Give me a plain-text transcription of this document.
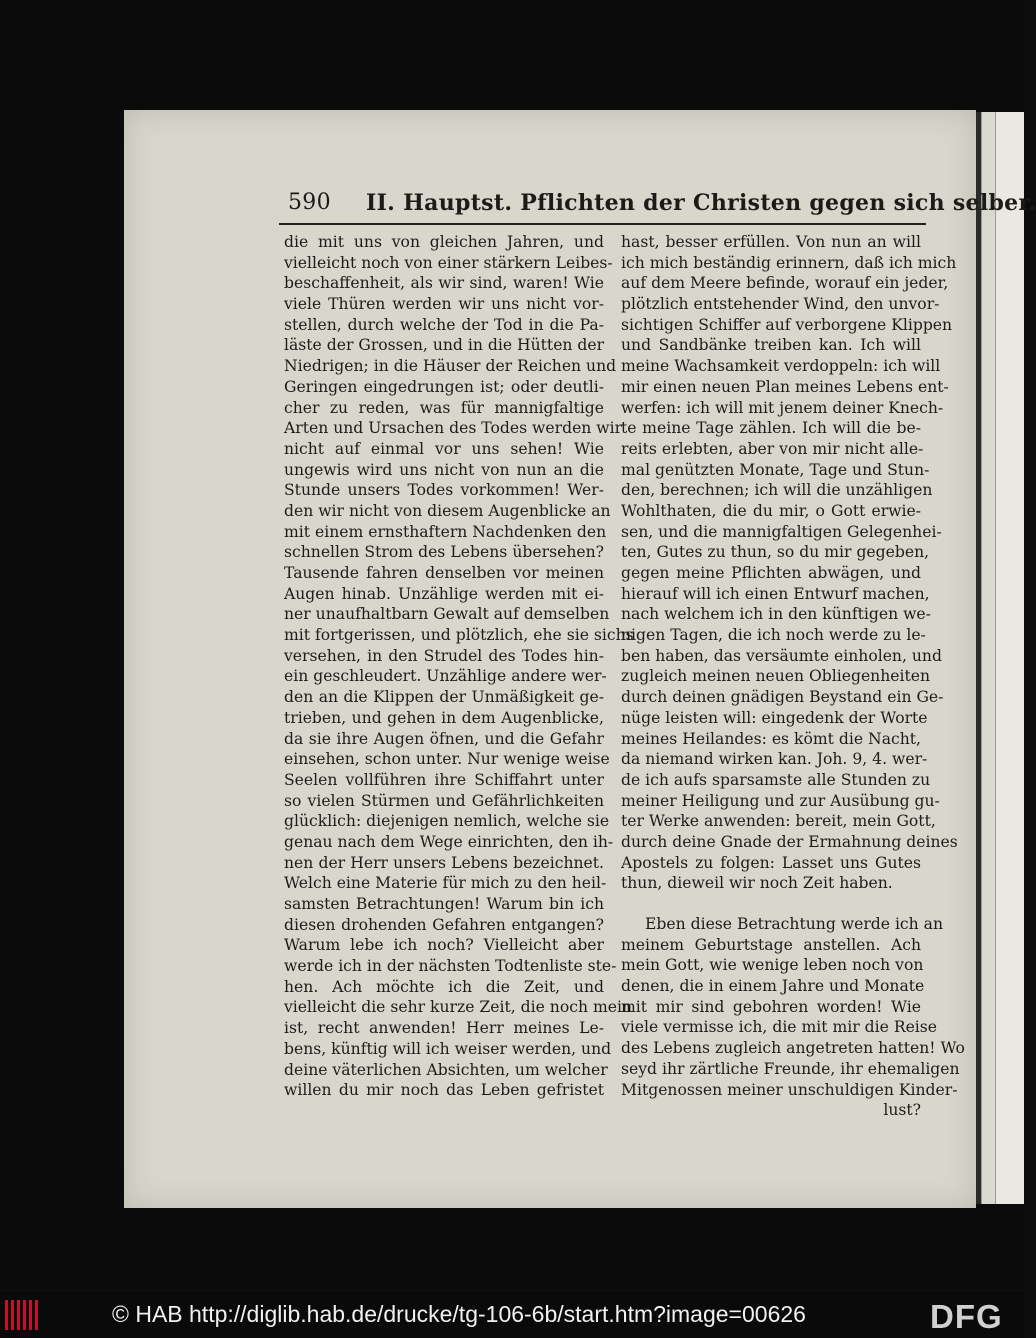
590 II. Hauptst. Pflichten der Christen gegen sich selber.
die mit uns von gleichen Jahren, und
vielleicht noch von einer stärkern Leibes-
beschaffenheit, als wir sind, waren! Wie
viele Thüren werden wir uns nicht vor-
stellen, durch welche der Tod in die Pa-
läste der Grossen, und in die Hütten der
Niedrigen; in die Häuser der Reichen und
Geringen eingedrungen ist; oder deutli-
cher zu reden, was für mannigfaltige
Arten und Ursachen des Todes werden wir
nicht auf einmal vor uns sehen! Wie
ungewis wird uns nicht von nun an die
Stunde unsers Todes vorkommen! Wer-
den wir nicht von diesem Augenblicke an
mit einem ernsthaftern Nachdenken den
schnellen Strom des Lebens übersehen?
Tausende fahren denselben vor meinen
Augen hinab. Unzählige werden mit ei-
ner unaufhaltbarn Gewalt auf demselben
mit fortgerissen, und plötzlich, ehe sie sichs
versehen, in den Strudel des Todes hin-
ein geschleudert. Unzählige andere wer-
den an die Klippen der Unmäßigkeit ge-
trieben, und gehen in dem Augenblicke,
da sie ihre Augen öfnen, und die Gefahr
einsehen, schon unter. Nur wenige weise
Seelen vollführen ihre Schiffahrt unter
so vielen Stürmen und Gefährlichkeiten
glücklich: diejenigen nemlich, welche sie
genau nach dem Wege einrichten, den ih-
nen der Herr unsers Lebens bezeichnet.
Welch eine Materie für mich zu den heil-
samsten Betrachtungen! Warum bin ich
diesen drohenden Gefahren entgangen?
Warum lebe ich noch? Vielleicht aber
werde ich in der nächsten Todtenliste ste-
hen. Ach möchte ich die Zeit, und
vielleicht die sehr kurze Zeit, die noch mein
ist, recht anwenden! Herr meines Le-
bens, künftig will ich weiser werden, und
deine väterlichen Absichten, um welcher
willen du mir noch das Leben gefristet
hast, besser erfüllen. Von nun an will
ich mich beständig erinnern, daß ich mich
auf dem Meere befinde, worauf ein jeder,
plötzlich entstehender Wind, den unvor-
sichtigen Schiffer auf verborgene Klippen
und Sandbänke treiben kan. Ich will
meine Wachsamkeit verdoppeln: ich will
mir einen neuen Plan meines Lebens ent-
werfen: ich will mit jenem deiner Knech-
te meine Tage zählen. Ich will die be-
reits erlebten, aber von mir nicht alle-
mal genützten Monate, Tage und Stun-
den, berechnen; ich will die unzähligen
Wohlthaten, die du mir, o Gott erwie-
sen, und die mannigfaltigen Gelegenhei-
ten, Gutes zu thun, so du mir gegeben,
gegen meine Pflichten abwägen, und
hierauf will ich einen Entwurf machen,
nach welchem ich in den künftigen we-
nigen Tagen, die ich noch werde zu le-
ben haben, das versäumte einholen, und
zugleich meinen neuen Obliegenheiten
durch deinen gnädigen Beystand ein Ge-
nüge leisten will: eingedenk der Worte
meines Heilandes: es kömt die Nacht,
da niemand wirken kan. Joh. 9, 4. wer-
de ich aufs sparsamste alle Stunden zu
meiner Heiligung und zur Ausübung gu-
ter Werke anwenden: bereit, mein Gott,
durch deine Gnade der Ermahnung deines
Apostels zu folgen: Lasset uns Gutes
thun, dieweil wir noch Zeit haben.
Eben diese Betrachtung werde ich an
meinem Geburtstage anstellen. Ach
mein Gott, wie wenige leben noch von
denen, die in einem Jahre und Monate
mit mir sind gebohren worden! Wie
viele vermisse ich, die mit mir die Reise
des Lebens zugleich angetreten hatten! Wo
seyd ihr zärtliche Freunde, ihr ehemaligen
Mitgenossen meiner unschuldigen Kinder-
lust?
© HAB http://diglib.hab.de/drucke/tg-106-6b/start.htm?image=00626	DFG
